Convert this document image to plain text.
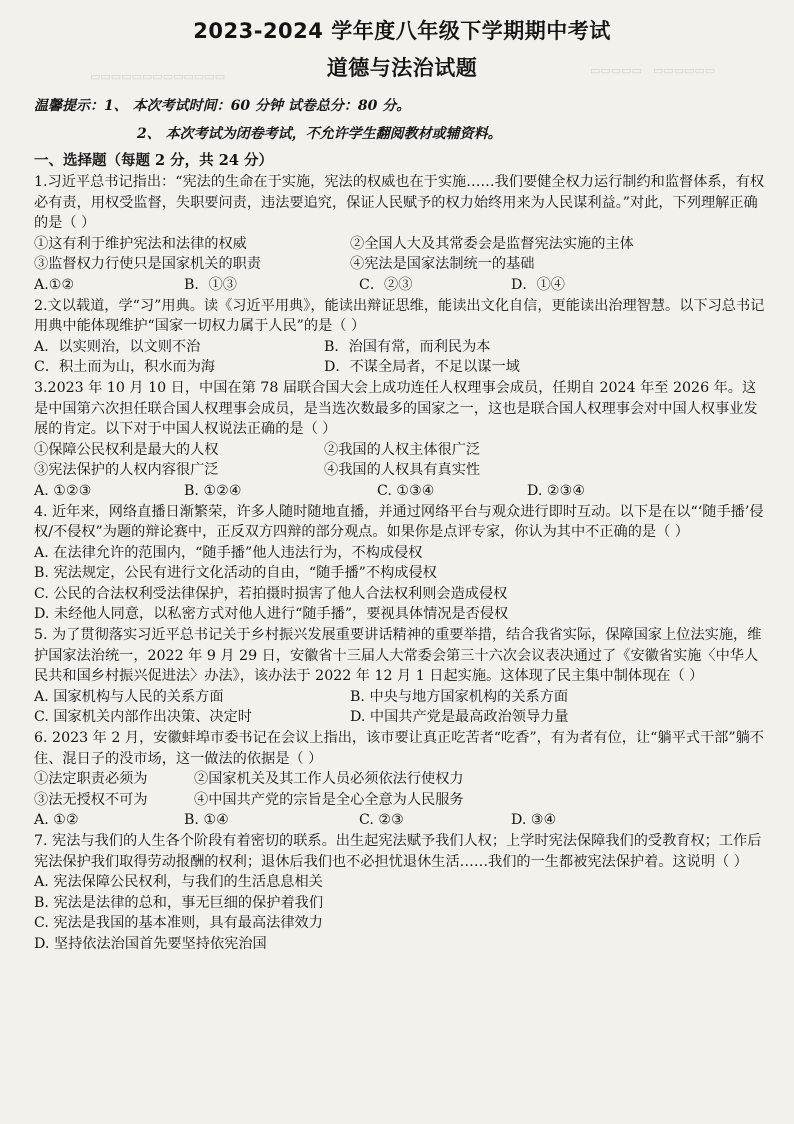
▭▭▭▭▭　▭▭▭▭▭▭
▭▭▭▭▭▭▭▭▭▭▭▭▭
2023-2024 学年度八年级下学期期中考试
道德与法治试题
温馨提示：1、 本次考试时间：60 分钟 试卷总分：80 分。
2、 本次考试为闭卷考试，不允许学生翻阅教材或辅资料。
一、选择题（每题 2 分，共 24 分）

1.习近平总书记指出：“宪法的生命在于实施，宪法的权威也在于实施……我们要健全权力运行制约和监督体系，有权必有责，用权受监督，失职要问责，违法要追究，保证人民赋予的权力始终用来为人民谋利益。”对此，下列理解正确的是（ ）

①这有利于维护宪法和法律的权威	②全国人大及其常委会是监督宪法实施的主体
③监督权力行使只是国家机关的职责	④宪法是国家法制统一的基础
A.①②	B．①③	C．②③	D．①④

2.文以载道，学“习”用典。读《习近平用典》，能读出辩证思维，能读出文化自信，更能读出治理智慧。以下习总书记用典中能体现维护“国家一切权力属于人民”的是（ ）

A．以实则治，以文则不治	B．治国有常，而利民为本
C．积土而为山，积水而为海	D．不谋全局者，不足以谋一域

3.2023 年 10 月 10 日，中国在第 78 届联合国大会上成功连任人权理事会成员，任期自 2024 年至 2026 年。这是中国第六次担任联合国人权理事会成员，是当选次数最多的国家之一，这也是联合国人权理事会对中国人权事业发展的肯定。以下对于中国人权说法正确的是（ ）

①保障公民权利是最大的人权	②我国的人权主体很广泛
③宪法保护的人权内容很广泛	④我国的人权具有真实性
A. ①②③	B. ①②④	C. ①③④	D. ②③④

4. 近年来，网络直播日渐繁荣，许多人随时随地直播，并通过网络平台与观众进行即时互动。以下是在以“‘随手播’侵权/不侵权”为题的辩论赛中，正反双方四辩的部分观点。如果你是点评专家，你认为其中不正确的是（ ）

A. 在法律允许的范围内，“随手播”他人违法行为，不构成侵权

B. 宪法规定，公民有进行文化活动的自由，“随手播”不构成侵权

C. 公民的合法权利受法律保护，若拍摄时损害了他人合法权利则会造成侵权

D. 未经他人同意，以私密方式对他人进行“随手播”，要视具体情况是否侵权

5. 为了贯彻落实习近平总书记关于乡村振兴发展重要讲话精神的重要举措，结合我省实际，保障国家上位法实施，维护国家法治统一，2022 年 9 月 29 日，安徽省十三届人大常委会第三十六次会议表决通过了《安徽省实施〈中华人民共和国乡村振兴促进法〉办法》，该办法于 2022 年 12 月 1 日起实施。这体现了民主集中制体现在（ ）

A. 国家机构与人民的关系方面	B. 中央与地方国家机构的关系方面
C. 国家机关内部作出决策、决定时	D. 中国共产党是最高政治领导力量

6. 2023 年 2 月，安徽蚌埠市委书记在会议上指出，该市要让真正吃苦者“吃香”，有为者有位，让“躺平式干部”躺不住、混日子的没市场，这一做法的依据是（ ）

①法定职责必须为	②国家机关及其工作人员必须依法行使权力
③法无授权不可为	④中国共产党的宗旨是全心全意为人民服务
A. ①②	B. ①④	C. ②③	D. ③④

7. 宪法与我们的人生各个阶段有着密切的联系。出生起宪法赋予我们人权；上学时宪法保障我们的受教育权；工作后宪法保护我们取得劳动报酬的权利；退休后我们也不必担忧退休生活……我们的一生都被宪法保护着。这说明（ ）

A. 宪法保障公民权利，与我们的生活息息相关

B. 宪法是法律的总和，事无巨细的保护着我们

C. 宪法是我国的基本准则，具有最高法律效力

D. 坚持依法治国首先要坚持依宪治国
